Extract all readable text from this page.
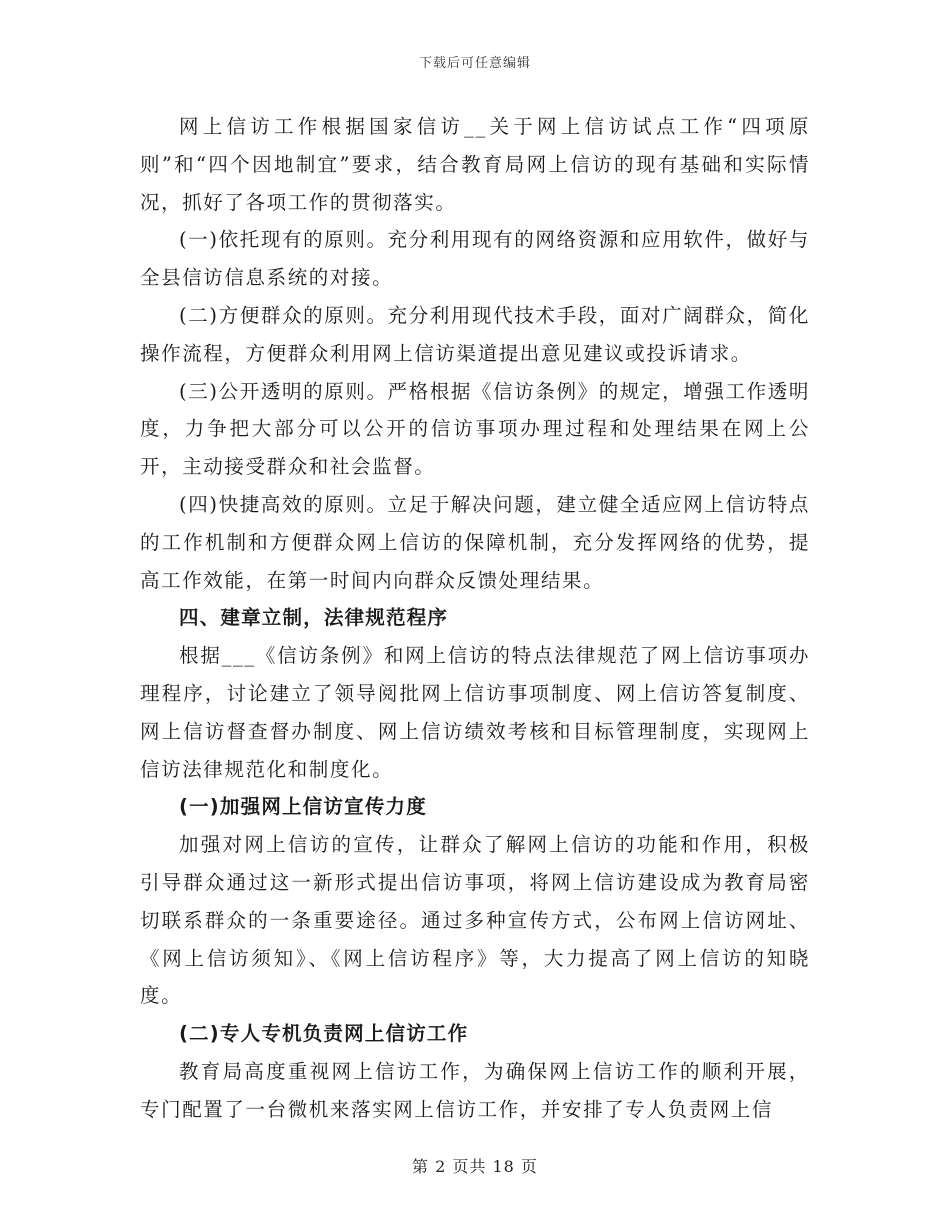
下载后可任意编辑

网上信访工作根据国家信访__关于网上信访试点工作“四项原则”和“四个因地制宜”要求，结合教育局网上信访的现有基础和实际情况，抓好了各项工作的贯彻落实。

(一)依托现有的原则。充分利用现有的网络资源和应用软件，做好与全县信访信息系统的对接。

(二)方便群众的原则。充分利用现代技术手段，面对广阔群众，简化操作流程，方便群众利用网上信访渠道提出意见建议或投诉请求。

(三)公开透明的原则。严格根据《信访条例》的规定，增强工作透明度，力争把大部分可以公开的信访事项办理过程和处理结果在网上公开，主动接受群众和社会监督。

(四)快捷高效的原则。立足于解决问题，建立健全适应网上信访特点的工作机制和方便群众网上信访的保障机制，充分发挥网络的优势，提高工作效能，在第一时间内向群众反馈处理结果。

四、建章立制，法律规范程序

根据___《信访条例》和网上信访的特点法律规范了网上信访事项办理程序，讨论建立了领导阅批网上信访事项制度、网上信访答复制度、网上信访督查督办制度、网上信访绩效考核和目标管理制度，实现网上信访法律规范化和制度化。

(一)加强网上信访宣传力度

加强对网上信访的宣传，让群众了解网上信访的功能和作用，积极引导群众通过这一新形式提出信访事项，将网上信访建设成为教育局密切联系群众的一条重要途径。通过多种宣传方式，公布网上信访网址、《网上信访须知》、《网上信访程序》等，大力提高了网上信访的知晓度。

(二)专人专机负责网上信访工作

教育局高度重视网上信访工作，为确保网上信访工作的顺利开展，专门配置了一台微机来落实网上信访工作，并安排了专人负责网上信

第 2 页共 18 页
